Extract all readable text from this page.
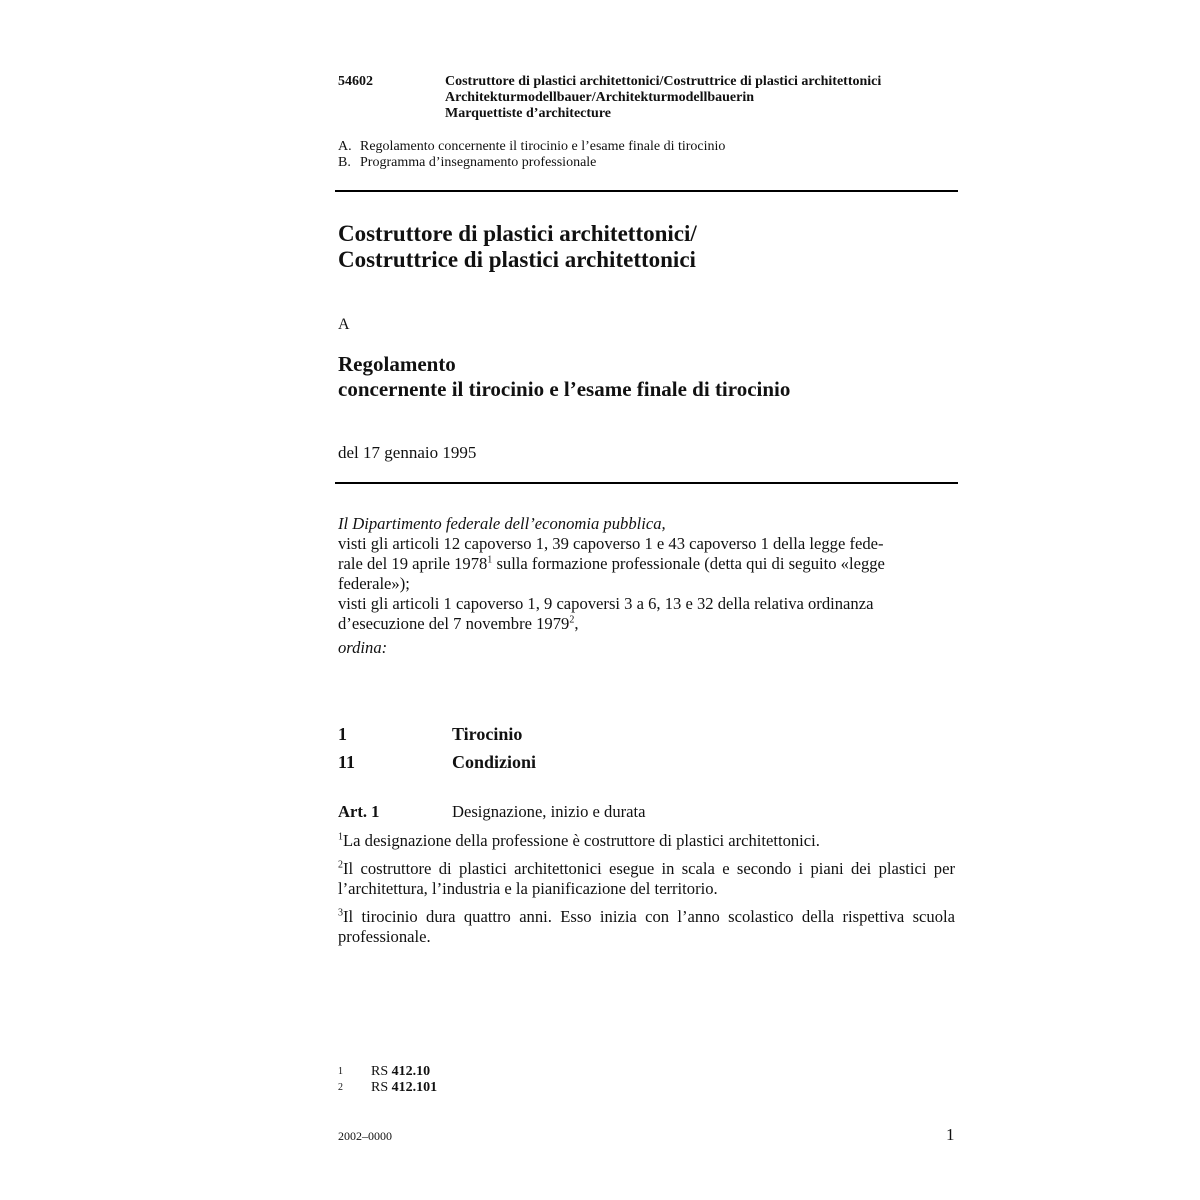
54602	Costruttore di plastici architettonici/Costruttrice di plastici architettonici
Architekturmodellbauer/Architekturmodellbauerin
Marquettiste d’architecture
A. Regolamento concernente il tirocinio e l’esame finale di tirocinio
B. Programma d’insegnamento professionale
Costruttore di plastici architettonici/
Costruttrice di plastici architettonici
A
Regolamento
concernente il tirocinio e l’esame finale di tirocinio
del 17 gennaio 1995

Il Dipartimento federale dell’economia pubblica,

visti gli articoli 12 capoverso 1, 39 capoverso 1 e 43 capoverso 1 della legge fede-

rale del 19 aprile 1978$^1$ sulla formazione professionale (detta qui di seguito «legge

federale»);

visti gli articoli 1 capoverso 1, 9 capoversi 3 a 6, 13 e 32 della relativa ordinanza

d’esecuzione del 7 novembre 1979$^2$,

ordina:

1	Tirocinio
11	Condizioni
Art. 1	Designazione, inizio e durata
$^1$La designazione della professione è costruttore di plastici architettonici.
$^2$Il costruttore di plastici architettonici esegue in scala e secondo i piani dei plastici per l’architettura, l’industria e la pianificazione del territorio.
$^3$Il tirocinio dura quattro anni. Esso inizia con l’anno scolastico della rispettiva scuola professionale.
1 RS 412.10
2 RS 412.101
2002–0000	1
